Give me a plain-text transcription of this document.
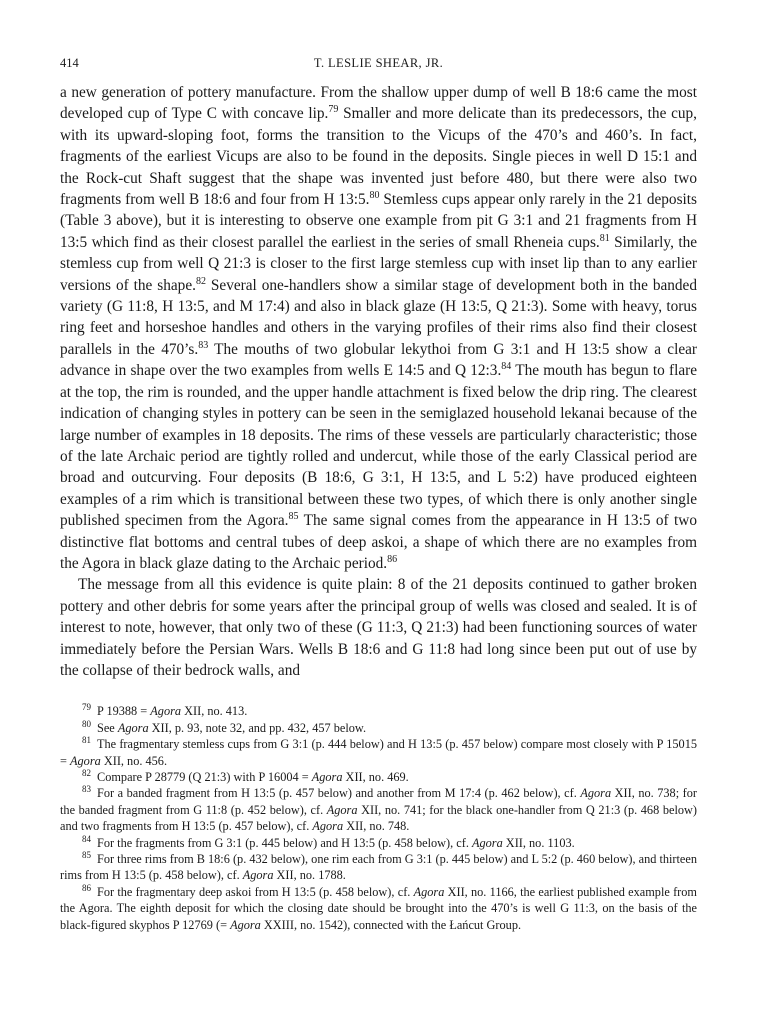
414	T. LESLIE SHEAR, JR.

a new generation of pottery manufacture. From the shallow upper dump of well B 18:6 came the most developed cup of Type C with concave lip.$^{79}$ Smaller and more delicate than its predecessors, the cup, with its upward-sloping foot, forms the transition to the Vicups of the 470’s and 460’s. In fact, fragments of the earliest Vicups are also to be found in the deposits. Single pieces in well D 15:1 and the Rock-cut Shaft suggest that the shape was invented just before 480, but there were also two fragments from well B 18:6 and four from H 13:5.80 Stemless cups appear only rarely in the 21 deposits (Table 3 above), but it is interesting to observe one example from pit G 3:1 and 21 fragments from H 13:5 which find as their closest parallel the earliest in the series of small Rheneia cups.$^{81}$ Similarly, the stemless cup from well Q 21:3 is closer to the first large stemless cup with inset lip than to any earlier versions of the shape.$^{82}$ Several one-handlers show a similar stage of development both in the banded variety (G 11:8, H 13:5, and M 17:4) and also in black glaze (H 13:5, Q 21:3). Some with heavy, torus ring feet and horseshoe handles and others in the varying profiles of their rims also find their closest parallels in the 470’s.$^{83}$ The mouths of two globular lekythoi from G 3:1 and H 13:5 show a clear advance in shape over the two examples from wells E 14:5 and Q 12:3.84 The mouth has begun to flare at the top, the rim is rounded, and the upper handle attachment is fixed below the drip ring. The clearest indication of changing styles in pottery can be seen in the semiglazed household lekanai because of the large number of examples in 18 deposits. The rims of these vessels are particularly characteristic; those of the late Archaic period are tightly rolled and undercut, while those of the early Classical period are broad and outcurving. Four deposits (B 18:6, G 3:1, H 13:5, and L 5:2) have produced eighteen examples of a rim which is transitional between these two types, of which there is only another single published specimen from the Agora.$^{85}$ The same signal comes from the appearance in H 13:5 of two distinctive flat bottoms and central tubes of deep askoi, a shape of which there are no examples from the Agora in black glaze dating to the Archaic period.$^{86}$

The message from all this evidence is quite plain: 8 of the 21 deposits continued to gather broken pottery and other debris for some years after the principal group of wells was closed and sealed. It is of interest to note, however, that only two of these (G 11:3, Q 21:3) had been functioning sources of water immediately before the Persian Wars. Wells B 18:6 and G 11:8 had long since been put out of use by the collapse of their bedrock walls, and

$^{79}$ P 19388 = Agora XII, no. 413.

$^{80}$ See Agora XII, p. 93, note 32, and pp. 432, 457 below.

$^{81}$ The fragmentary stemless cups from G 3:1 (p. 444 below) and H 13:5 (p. 457 below) compare most closely with P 15015 = Agora XII, no. 456.

$^{82}$ Compare P 28779 (Q 21:3) with P 16004 = Agora XII, no. 469.

$^{83}$ For a banded fragment from H 13:5 (p. 457 below) and another from M 17:4 (p. 462 below), cf. Agora XII, no. 738; for the banded fragment from G 11:8 (p. 452 below), cf. Agora XII, no. 741; for the black one-handler from Q 21:3 (p. 468 below) and two fragments from H 13:5 (p. 457 below), cf. Agora XII, no. 748.

$^{84}$ For the fragments from G 3:1 (p. 445 below) and H 13:5 (p. 458 below), cf. Agora XII, no. 1103.

$^{85}$ For three rims from B 18:6 (p. 432 below), one rim each from G 3:1 (p. 445 below) and L 5:2 (p. 460 below), and thirteen rims from H 13:5 (p. 458 below), cf. Agora XII, no. 1788.

$^{86}$ For the fragmentary deep askoi from H 13:5 (p. 458 below), cf. Agora XII, no. 1166, the earliest published example from the Agora. The eighth deposit for which the closing date should be brought into the 470’s is well G 11:3, on the basis of the black-figured skyphos P 12769 (= Agora XXIII, no. 1542), connected with the Łańcut Group.
